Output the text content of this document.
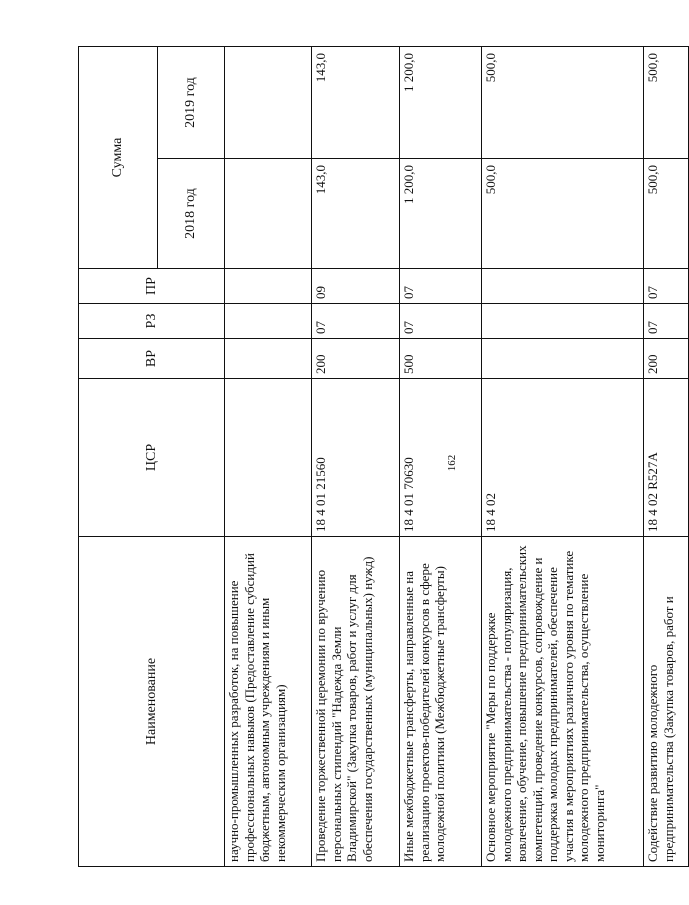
162
Наименование	ЦСР	ВР	РЗ	ПР	Сумма	
					2018 год	2019 год
научно-промышленных разработок, на повышение профессиональных навыков (Предоставление субсидий бюджетным, автономным учреждениям и иным некоммерческим организациям)						
Проведение торжественной церемонии по вручению персональных стипендий "Надежда Земли Владимирской" (Закупка товаров, работ и услуг для обеспечения государственных (муниципальных) нужд)	18 4 01 21560	200	07	09	143,0	143,0
Иные межбюджетные трансферты, направленные на реализацию проектов-победителей конкурсов в сфере молодежной политики (Межбюджетные трансферты)	18 4 01 70630	500	07	07	1 200,0	1 200,0
Основное мероприятие "Меры по поддержке молодежного предпринимательства - популяризация, вовлечение, обучение, повышение предпринимательских компетенций, проведение конкурсов, сопровождение и поддержка молодых предпринимателей, обеспечение участия в мероприятиях различного уровня по тематике молодежного предпринимательства, осуществление мониторинга"	18 4 02				500,0	500,0
Содействие развитию молодежного предпринимательства (Закупка товаров, работ и	18 4 02 R527A	200	07	07	500,0	500,0
